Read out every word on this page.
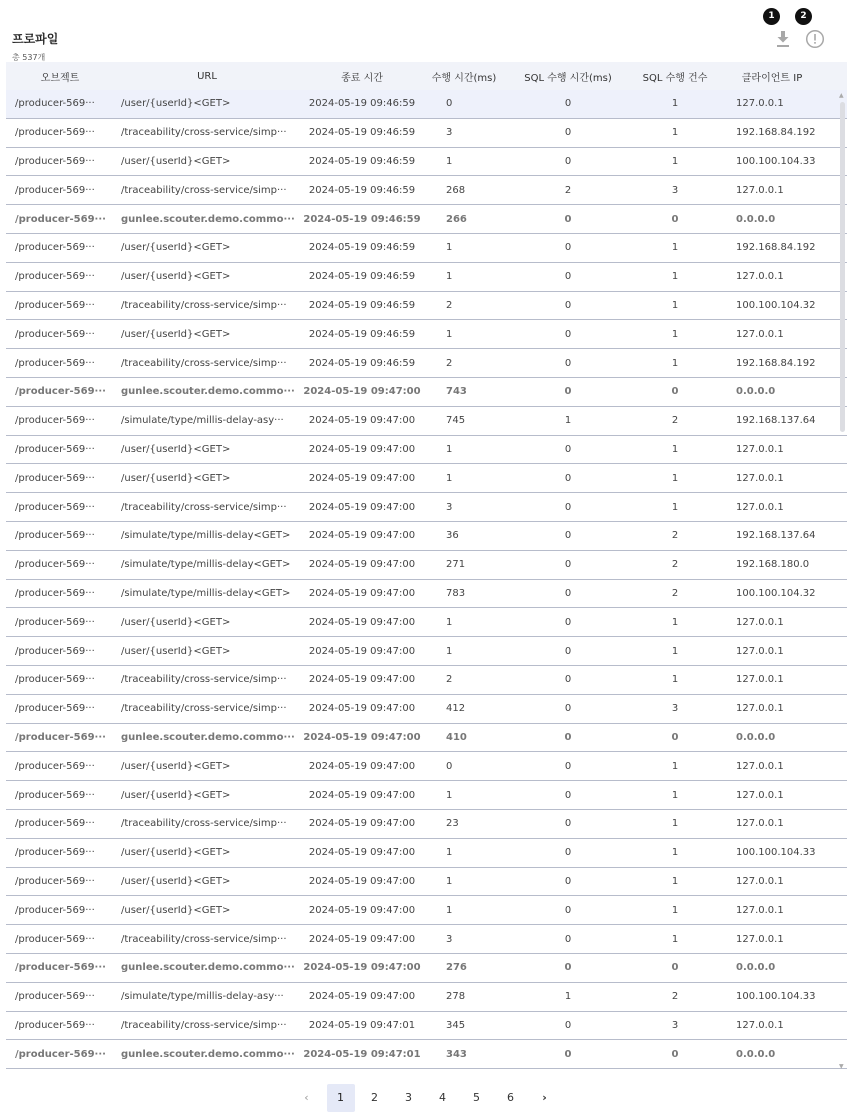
프로파일
총 537개
1	2
오브젝트	URL	종료 시간	수행 시간(ms)	SQL 수행 시간(ms)	SQL 수행 건수	클라이언트 IP
/producer-569···	/user/{userId}<GET>	2024-05-19 09:46:59	0	0	1	127.0.0.1
/producer-569···	/traceability/cross-service/simp···	2024-05-19 09:46:59	3	0	1	192.168.84.192
/producer-569···	/user/{userId}<GET>	2024-05-19 09:46:59	1	0	1	100.100.104.33
/producer-569···	/traceability/cross-service/simp···	2024-05-19 09:46:59	268	2	3	127.0.0.1
/producer-569···	gunlee.scouter.demo.commo··· 2024-05-19 09:46:59	266	0	0	0.0.0.0
/producer-569···	/user/{userId}<GET>	2024-05-19 09:46:59	1	0	1	192.168.84.192
/producer-569···	/user/{userId}<GET>	2024-05-19 09:46:59	1	0	1	127.0.0.1
/producer-569···	/traceability/cross-service/simp···	2024-05-19 09:46:59	2	0	1	100.100.104.32
/producer-569···	/user/{userId}<GET>	2024-05-19 09:46:59	1	0	1	127.0.0.1
/producer-569···	/traceability/cross-service/simp···	2024-05-19 09:46:59	2	0	1	192.168.84.192
/producer-569···	gunlee.scouter.demo.commo··· 2024-05-19 09:47:00	743	0	0	0.0.0.0
/producer-569···	/simulate/type/millis-delay-asy···	2024-05-19 09:47:00	745	1	2	192.168.137.64
/producer-569···	/user/{userId}<GET>	2024-05-19 09:47:00	1	0	1	127.0.0.1
/producer-569···	/user/{userId}<GET>	2024-05-19 09:47:00	1	0	1	127.0.0.1
/producer-569···	/traceability/cross-service/simp···	2024-05-19 09:47:00	3	0	1	127.0.0.1
/producer-569···	/simulate/type/millis-delay<GET>	2024-05-19 09:47:00	36	0	2	192.168.137.64
/producer-569···	/simulate/type/millis-delay<GET>	2024-05-19 09:47:00	271	0	2	192.168.180.0
/producer-569···	/simulate/type/millis-delay<GET>	2024-05-19 09:47:00	783	0	2	100.100.104.32
/producer-569···	/user/{userId}<GET>	2024-05-19 09:47:00	1	0	1	127.0.0.1
/producer-569···	/user/{userId}<GET>	2024-05-19 09:47:00	1	0	1	127.0.0.1
/producer-569···	/traceability/cross-service/simp···	2024-05-19 09:47:00	2	0	1	127.0.0.1
/producer-569···	/traceability/cross-service/simp···	2024-05-19 09:47:00	412	0	3	127.0.0.1
/producer-569···	gunlee.scouter.demo.commo··· 2024-05-19 09:47:00	410	0	0	0.0.0.0
/producer-569···	/user/{userId}<GET>	2024-05-19 09:47:00	0	0	1	127.0.0.1
/producer-569···	/user/{userId}<GET>	2024-05-19 09:47:00	1	0	1	127.0.0.1
/producer-569···	/traceability/cross-service/simp···	2024-05-19 09:47:00	23	0	1	127.0.0.1
/producer-569···	/user/{userId}<GET>	2024-05-19 09:47:00	1	0	1	100.100.104.33
/producer-569···	/user/{userId}<GET>	2024-05-19 09:47:00	1	0	1	127.0.0.1
/producer-569···	/user/{userId}<GET>	2024-05-19 09:47:00	1	0	1	127.0.0.1
/producer-569···	/traceability/cross-service/simp···	2024-05-19 09:47:00	3	0	1	127.0.0.1
/producer-569···	gunlee.scouter.demo.commo··· 2024-05-19 09:47:00	276	0	0	0.0.0.0
/producer-569···	/simulate/type/millis-delay-asy···	2024-05-19 09:47:00	278	1	2	100.100.104.33
/producer-569···	/traceability/cross-service/simp···	2024-05-19 09:47:01	345	0	3	127.0.0.1
/producer-569···	gunlee.scouter.demo.commo··· 2024-05-19 09:47:01	343	0	0	0.0.0.0
▲
▼
‹	1	2	3	4	5	6	›
